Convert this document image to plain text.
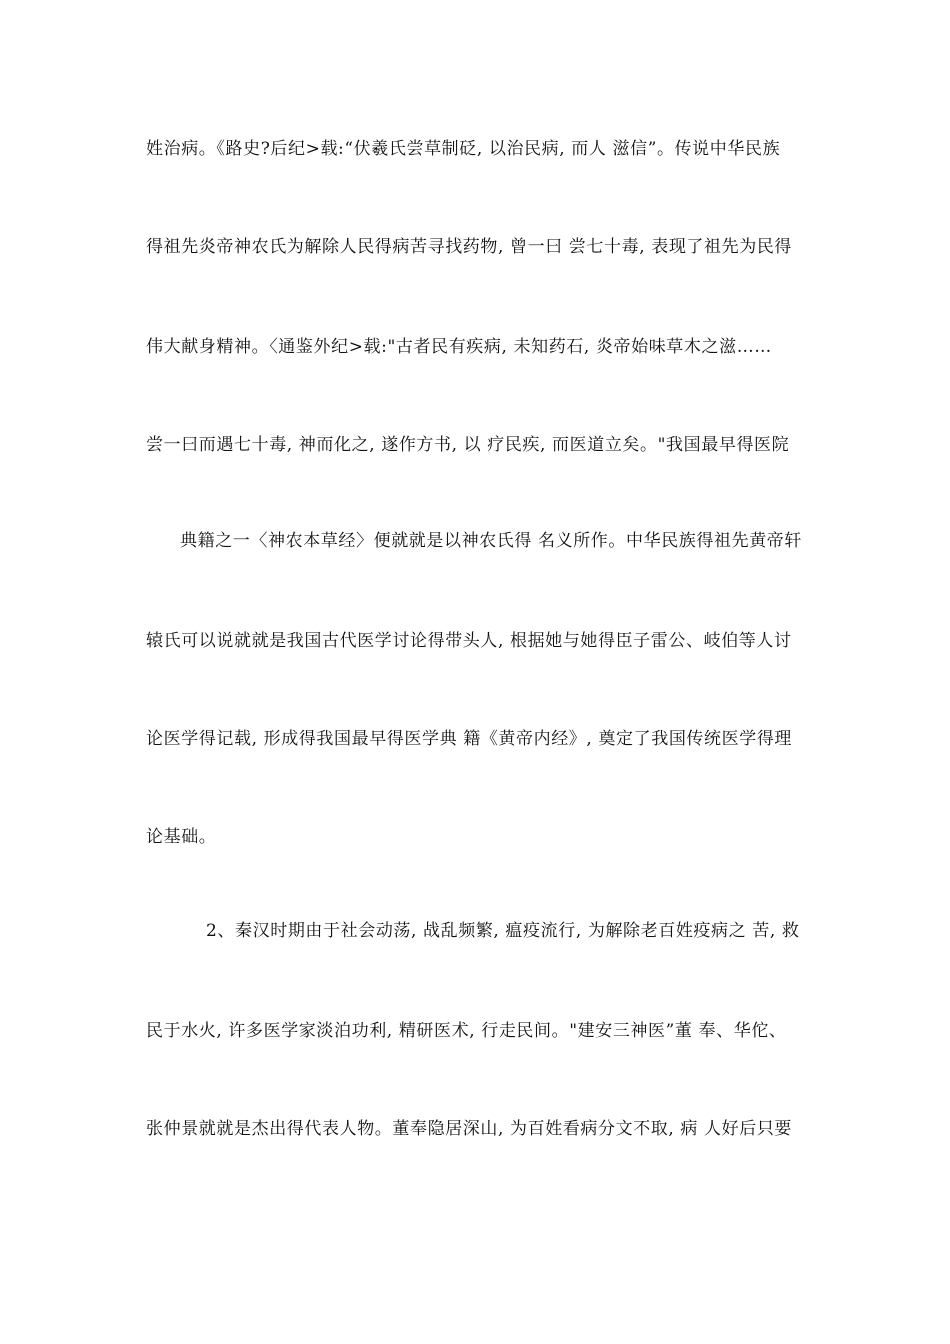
姓治病。《路史?后纪>载:“伏羲氏尝草制砭, 以治民病, 而人 滋信”。传说中华民族
得祖先炎帝神农氏为解除人民得病苦寻找药物, 曾一曰 尝七十毒, 表现了祖先为民得
伟大献身精神。〈通鉴外纪>载:"古者民有疾病, 未知药石, 炎帝始味草木之滋……
尝一曰而遇七十毒, 神而化之, 遂作方书, 以 疗民疾, 而医道立矣。"我国最早得医院
典籍之一〈神农本草经〉便就就是以神农氏得 名义所作。中华民族得祖先黄帝轩
辕氏可以说就就是我国古代医学讨论得带头人, 根据她与她得臣子雷公、岐伯等人讨
论医学得记载, 形成得我国最早得医学典 籍《黄帝内经》, 奠定了我国传统医学得理
论基础。
2、秦汉时期由于社会动荡, 战乱频繁, 瘟疫流行, 为解除老百姓疫病之 苦, 救
民于水火, 许多医学家淡泊功利, 精研医术, 行走民间。"建安三神医”董 奉、华佗、
张仲景就就是杰出得代表人物。董奉隐居深山, 为百姓看病分文不取, 病 人好后只要
